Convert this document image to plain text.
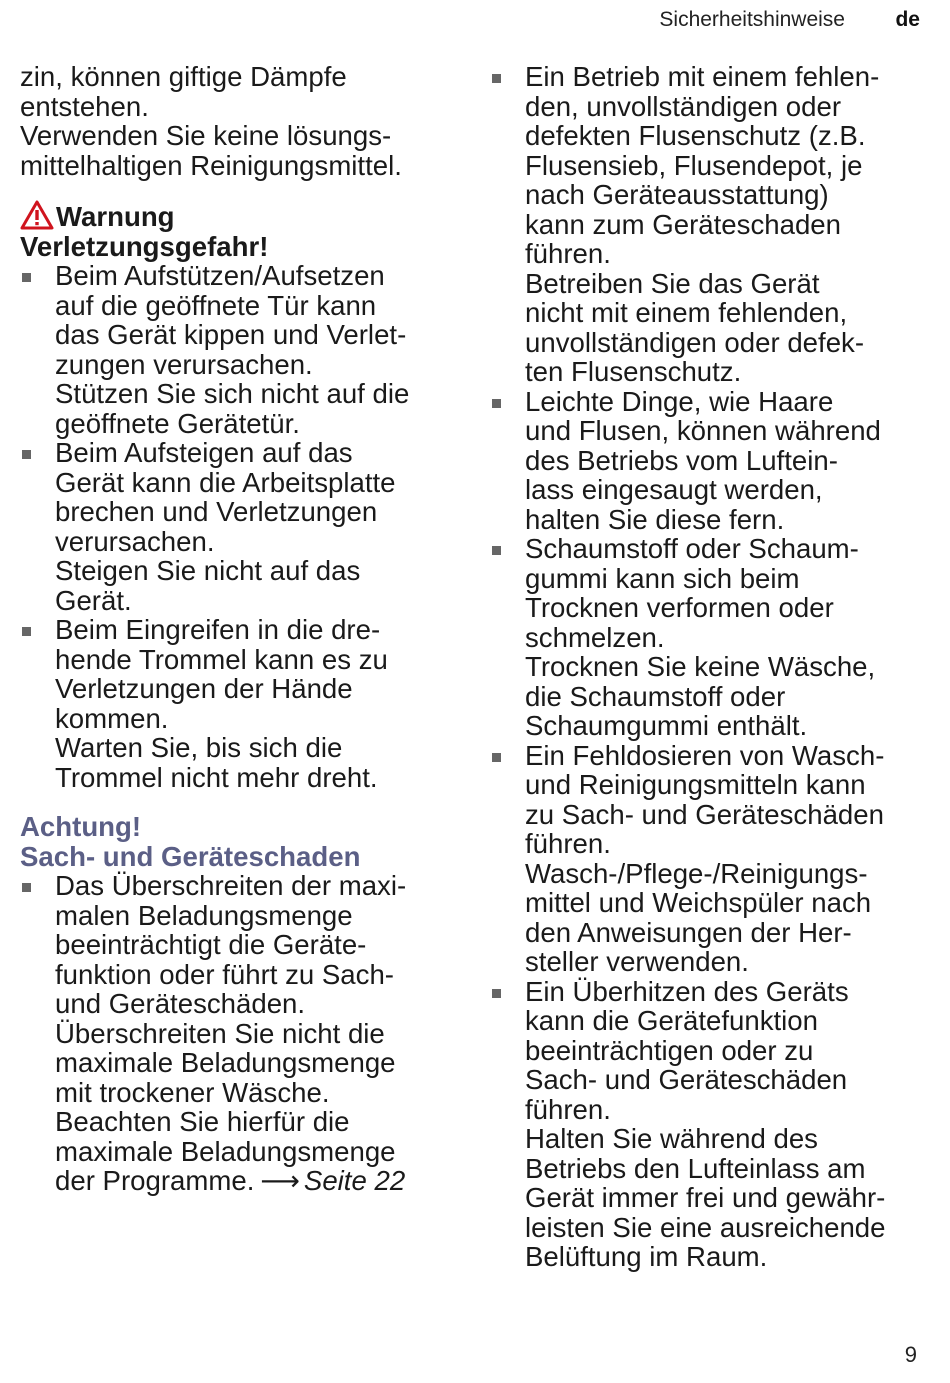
Sicherheitshinweise de
zin, können giftige Dämpfe
entstehen.
Verwenden Sie keine lösungs-
mittelhaltigen Reinigungsmittel.
Warnung
Verletzungsgefahr!
Beim Aufstützen/Aufsetzen
auf die geöffnete Tür kann
das Gerät kippen und Verlet-
zungen verursachen.
Stützen Sie sich nicht auf die
geöffnete Gerätetür.
Beim Aufsteigen auf das
Gerät kann die Arbeitsplatte
brechen und Verletzungen
verursachen.
Steigen Sie nicht auf das
Gerät.
Beim Eingreifen in die dre-
hende Trommel kann es zu
Verletzungen der Hände
kommen.
Warten Sie, bis sich die
Trommel nicht mehr dreht.
Achtung!
Sach- und Geräteschaden
Das Überschreiten der maxi-
malen Beladungsmenge
beeinträchtigt die Geräte-
funktion oder führt zu Sach-
und Geräteschäden.
Überschreiten Sie nicht die
maximale Beladungsmenge
mit trockener Wäsche.
Beachten Sie hierfür die
maximale Beladungsmenge
der Programme. ⟶ Seite 22
Ein Betrieb mit einem fehlen-
den, unvollständigen oder
defekten Flusenschutz (z.B.
Flusensieb, Flusendepot, je
nach Geräteausstattung)
kann zum Geräteschaden
führen.
Betreiben Sie das Gerät
nicht mit einem fehlenden,
unvollständigen oder defek-
ten Flusenschutz.
Leichte Dinge, wie Haare
und Flusen, können während
des Betriebs vom Luftein-
lass eingesaugt werden,
halten Sie diese fern.
Schaumstoff oder Schaum-
gummi kann sich beim
Trocknen verformen oder
schmelzen.
Trocknen Sie keine Wäsche,
die Schaumstoff oder
Schaumgummi enthält.
Ein Fehldosieren von Wasch-
und Reinigungsmitteln kann
zu Sach- und Geräteschäden
führen.
Wasch-/Pflege-/Reinigungs-
mittel und Weichspüler nach
den Anweisungen der Her-
steller verwenden.
Ein Überhitzen des Geräts
kann die Gerätefunktion
beeinträchtigen oder zu
Sach- und Geräteschäden
führen.
Halten Sie während des
Betriebs den Lufteinlass am
Gerät immer frei und gewähr-
leisten Sie eine ausreichende
Belüftung im Raum.
9
